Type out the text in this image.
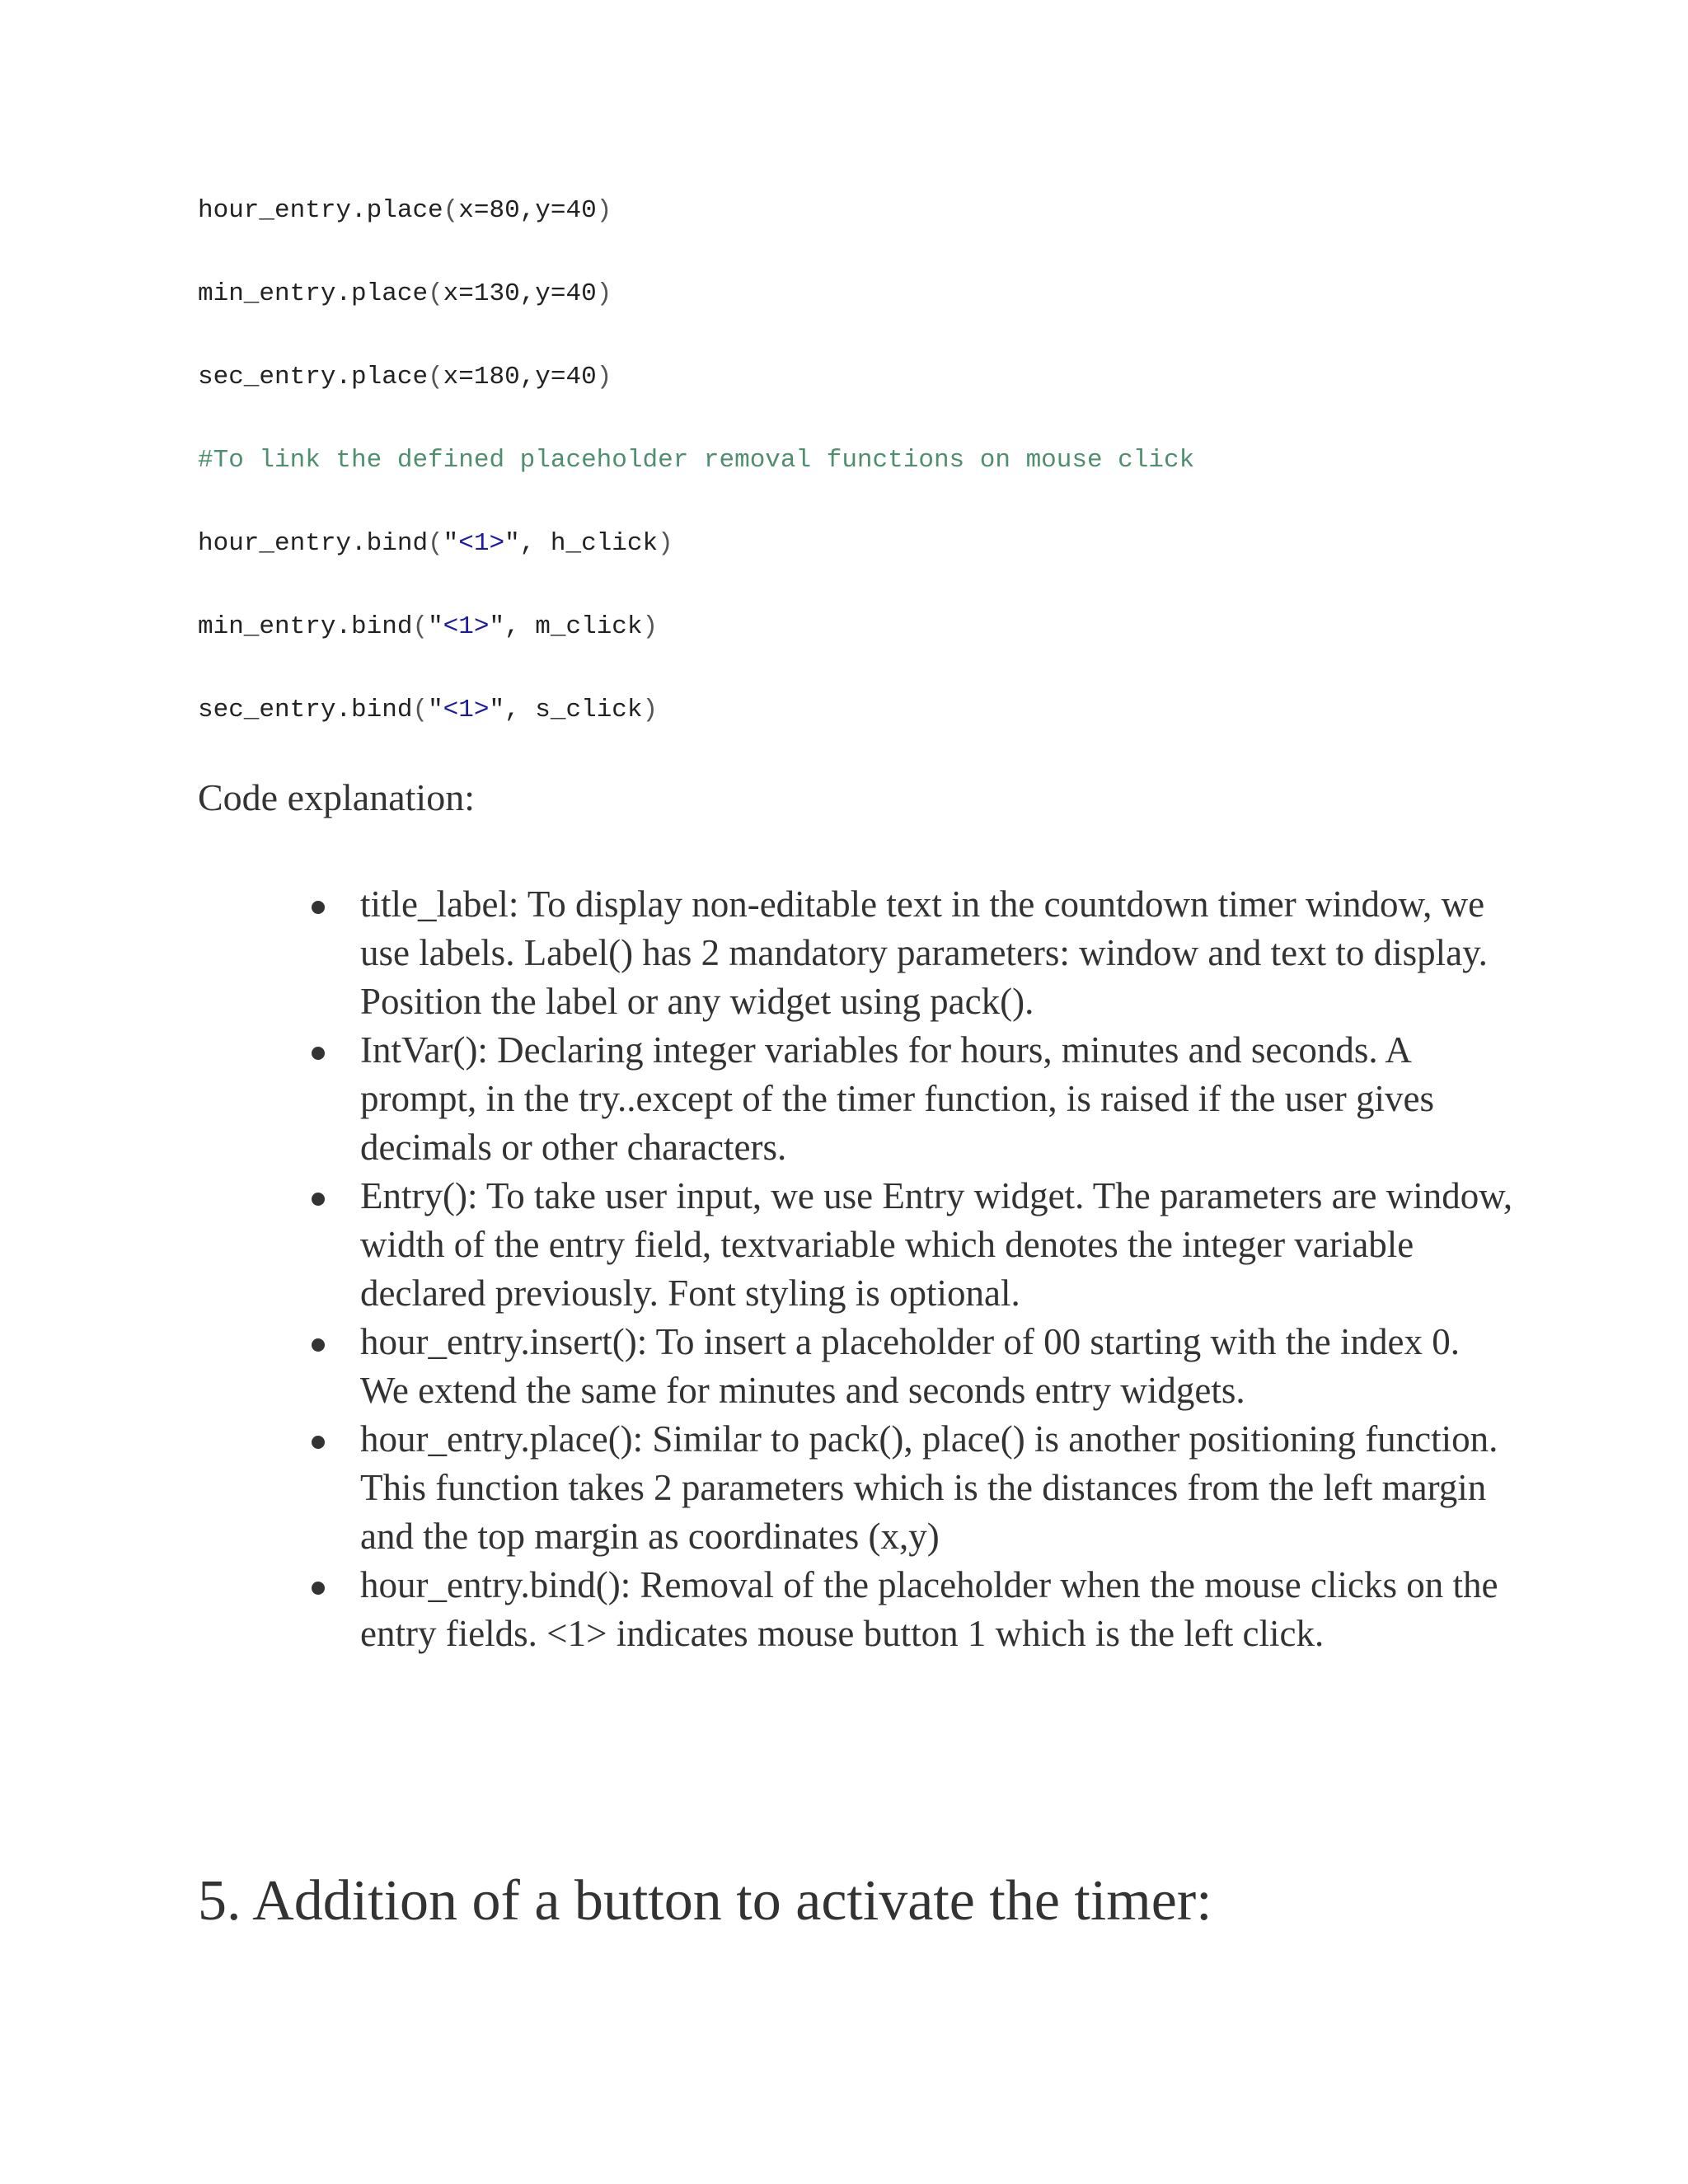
hour_entry.place(x=80,y=40)
min_entry.place(x=130,y=40)
sec_entry.place(x=180,y=40)
#To link the defined placeholder removal functions on mouse click
hour_entry.bind("<1>", h_click)
min_entry.bind("<1>", m_click)
sec_entry.bind("<1>", s_click)

Code explanation:

title_label: To display non-editable text in the countdown timer window, we use labels. Label() has 2 mandatory parameters: window and text to display. Position the label or any widget using pack().
IntVar(): Declaring integer variables for hours, minutes and seconds. A prompt, in the try..except of the timer function, is raised if the user gives decimals or other characters.
Entry(): To take user input, we use Entry widget. The parameters are window, width of the entry field, textvariable which denotes the integer variable declared previously. Font styling is optional.
hour_entry.insert(): To insert a placeholder of 00 starting with the index 0. We extend the same for minutes and seconds entry widgets.
hour_entry.place(): Similar to pack(), place() is another positioning function. This function takes 2 parameters which is the distances from the left margin and the top margin as coordinates (x,y)
hour_entry.bind(): Removal of the placeholder when the mouse clicks on the entry fields. <1> indicates mouse button 1 which is the left click.
5. Addition of a button to activate the timer:
